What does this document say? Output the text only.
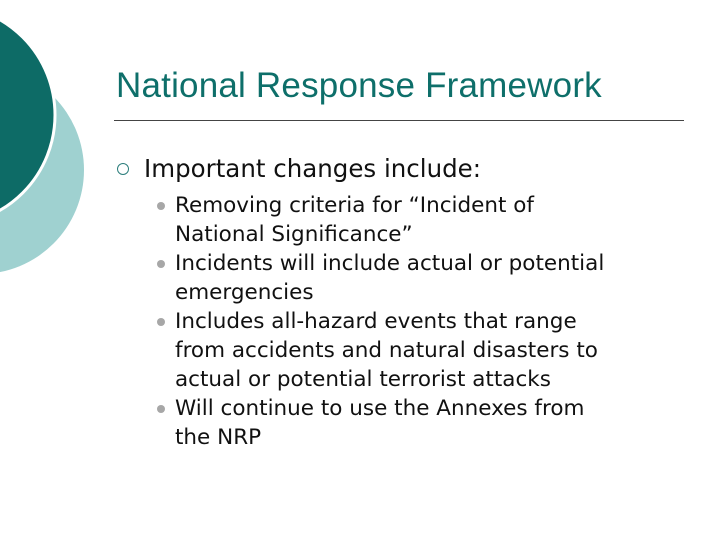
National Response Framework
Important changes include:
Removing criteria for “Incident of
National Significance”
Incidents will include actual or potential
emergencies
Includes all-hazard events that range
from accidents and natural disasters to
actual or potential terrorist attacks
Will continue to use the Annexes from
the NRP
